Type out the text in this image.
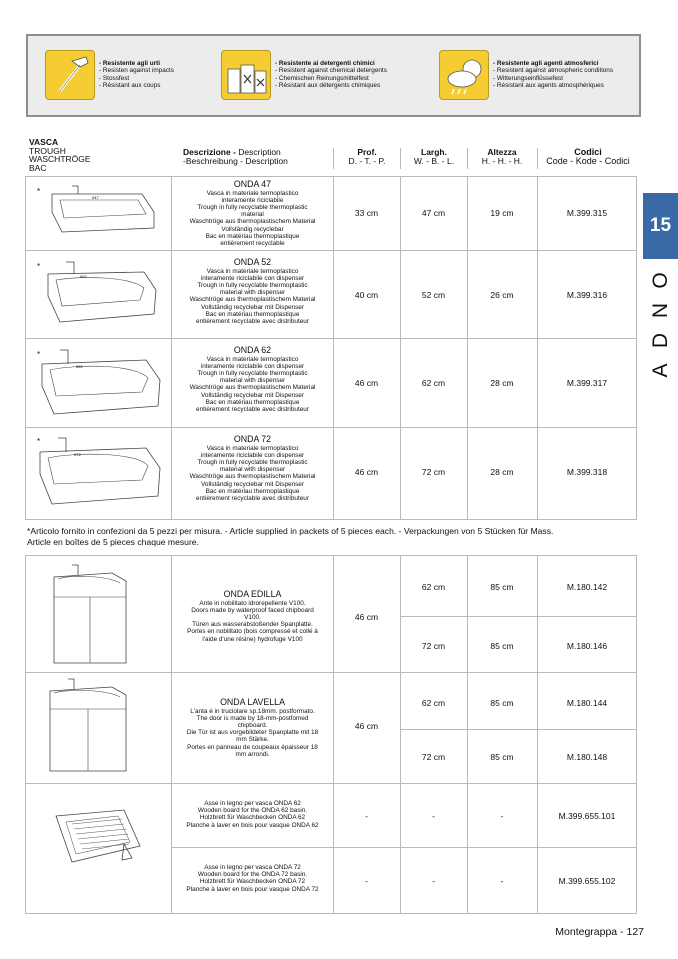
- Resistente agli urti
- Resisten against impacts
- Stossfest
- Résistant aux coups
- Resistente ai detergenti chimici
- Resistent against chemical detergents
- Chemischen Reinungsmittelfest
- Résistant aux détergents chimiques
- Resistente agli agenti atmosferici
- Resistent against atmospheric conditions
- Witterungseinflüssefest
- Résistant aux agents atmosphériques
15
O
N
D
A
VASCA
TROUGH
WASCHTRÖGE
BAC
Descrizione - Description
-Beschreibung - Description
Prof.
D. - T. - P.
Largh.
W. - B. - L.
Altezza
H. - H. - H.
Codici
Code - Kode - Codici
*
047
ONDA 47
Vasca in materiale termoplastico
interamente riciclabile
Trough in fully recyclable thermoplastic
material
Waschtröge aus thermoplastischem Material
Vollständig recyclebar
Bac en matériau thermoplastique
entièrement recyclable
33 cm	47 cm	19 cm	M.399.315
*
052
ONDA 52
Vasca in materiale termoplastico
interamente riciclabile con dispenser
Trough in fully recyclable thermoplastic
material with dispenser
Waschtröge aus thermoplastischem Material
Vollständig recyclebar mit Dispenser
Bac en matériau thermoplastique
entièrement recyclable avec distributeur
40 cm	52 cm	26 cm	M.399.316
*
062
ONDA 62
Vasca in materiale termoplastico
interamente riciclabile con dispenser
Trough in fully recyclable thermoplastic
material with dispenser
Waschtröge aus thermoplastischem Material
Vollständig recyclebar mit Dispenser
Bac en matériau thermoplastique
entièrement recyclable avec distributeur
46 cm	62 cm	28 cm	M.399.317
*
072
ONDA 72
Vasca in materiale termoplastico
interamente riciclabile con dispenser
Trough in fully recyclable thermoplastic
material with dispenser
Waschtröge aus thermoplastischem Material
Vollständig recyclebar mit Dispenser
Bac en matériau thermoplastique
entièrement recyclable avec distributeur
46 cm	72 cm	28 cm	M.399.318
*Articolo fornito in confezioni da 5 pezzi per misura. - Article supplied in packets of 5 pieces each. - Verpackungen von 5 Stücken für Mass.
Article en boîtes de 5 pieces chaque mesure.
ONDA EDILLA
Ante in nobilitato idrorepellente V100.
Doors made by waterproof faced chipboard
V100.
Türen aus wasserabstoßender Spanplatte.
Portes en nobilitato (bois compressé et collé à
l'aide d'une résine) hydrofuge V100
46 cm
62 cm	85 cm	M.180.142
72 cm	85 cm	M.180.146
ONDA LAVELLA
L'anta è in truciolare sp.18mm. postformato.
The door is made by 18-mm-postfomed
chipboard.
Die Tür ist aus vorgebildeter Spanplatte mit 18
mm Stärke.
Portes en panneau de coupeaux épaisseur 18
mm arrondi.
46 cm
62 cm	85 cm	M.180.144
72 cm	85 cm	M.180.148
Asse in legno per vasca ONDA 62
Wooden board for the ONDA 62 basin.
Holzbrett für Waschbecken ONDA 62
Planche à laver en bois pour vasque ONDA 62
-	-	-	M.399.655.101
Asse in legno per vasca ONDA 72
Wooden board for the ONDA 72 basin.
Holzbrett für Waschbecken ONDA 72
Planche à laver en bois pour vasque ONDA 72
-	-	-	M.399.655.102
Montegrappa - 127
